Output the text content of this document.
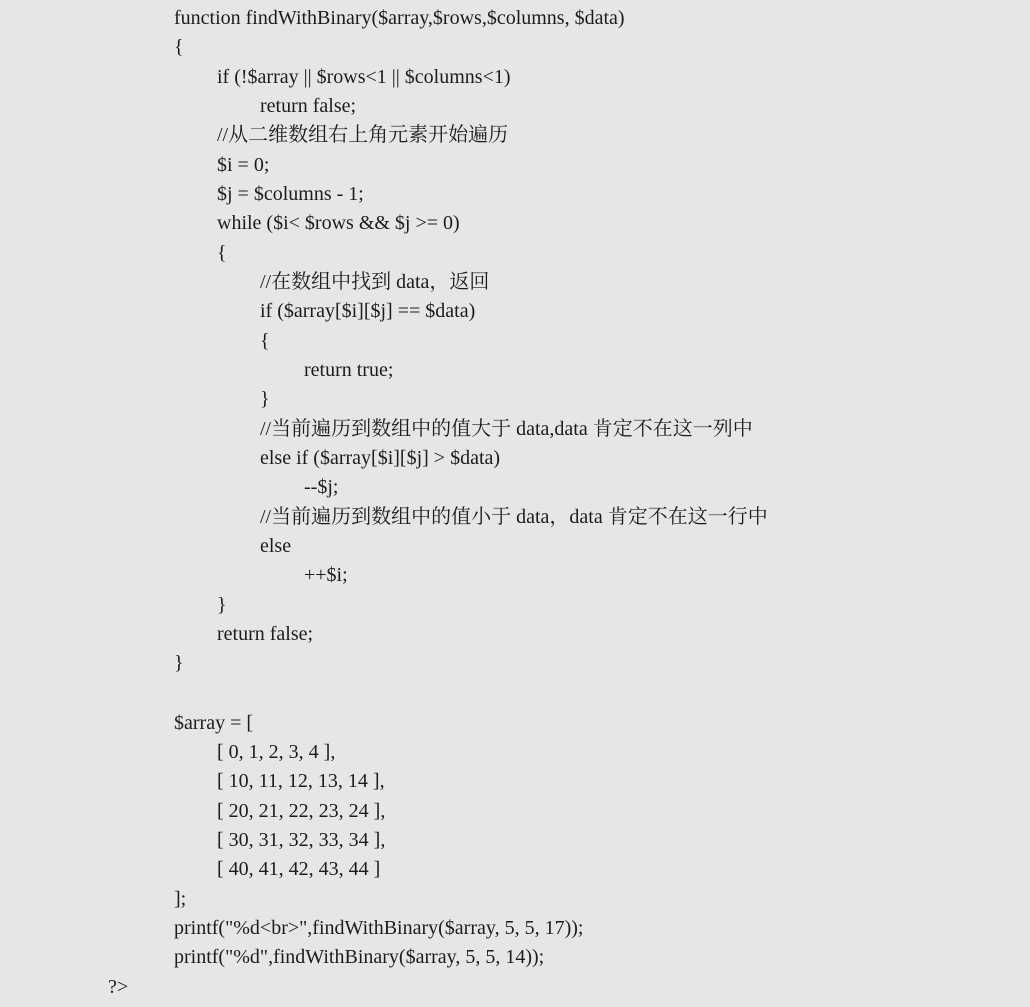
function findWithBinary($array,$rows,$columns, $data)
{
if (!$array || $rows<1 || $columns<1)
return false;
//从二维数组右上角元素开始遍历
$i = 0;
$j = $columns - 1;
while ($i< $rows && $j >= 0)
{
//在数组中找到 data，返回
if ($array[$i][$j] == $data)
{
return true;
}
//当前遍历到数组中的值大于 data,data 肯定不在这一列中
else if ($array[$i][$j] > $data)
--$j;
//当前遍历到数组中的值小于 data，data 肯定不在这一行中
else
++$i;
}
return false;
}
$array = [
[ 0, 1, 2, 3, 4 ],
[ 10, 11, 12, 13, 14 ],
[ 20, 21, 22, 23, 24 ],
[ 30, 31, 32, 33, 34 ],
[ 40, 41, 42, 43, 44 ]
];
printf("%d<br>",findWithBinary($array, 5, 5, 17));
printf("%d",findWithBinary($array, 5, 5, 14));
?>
